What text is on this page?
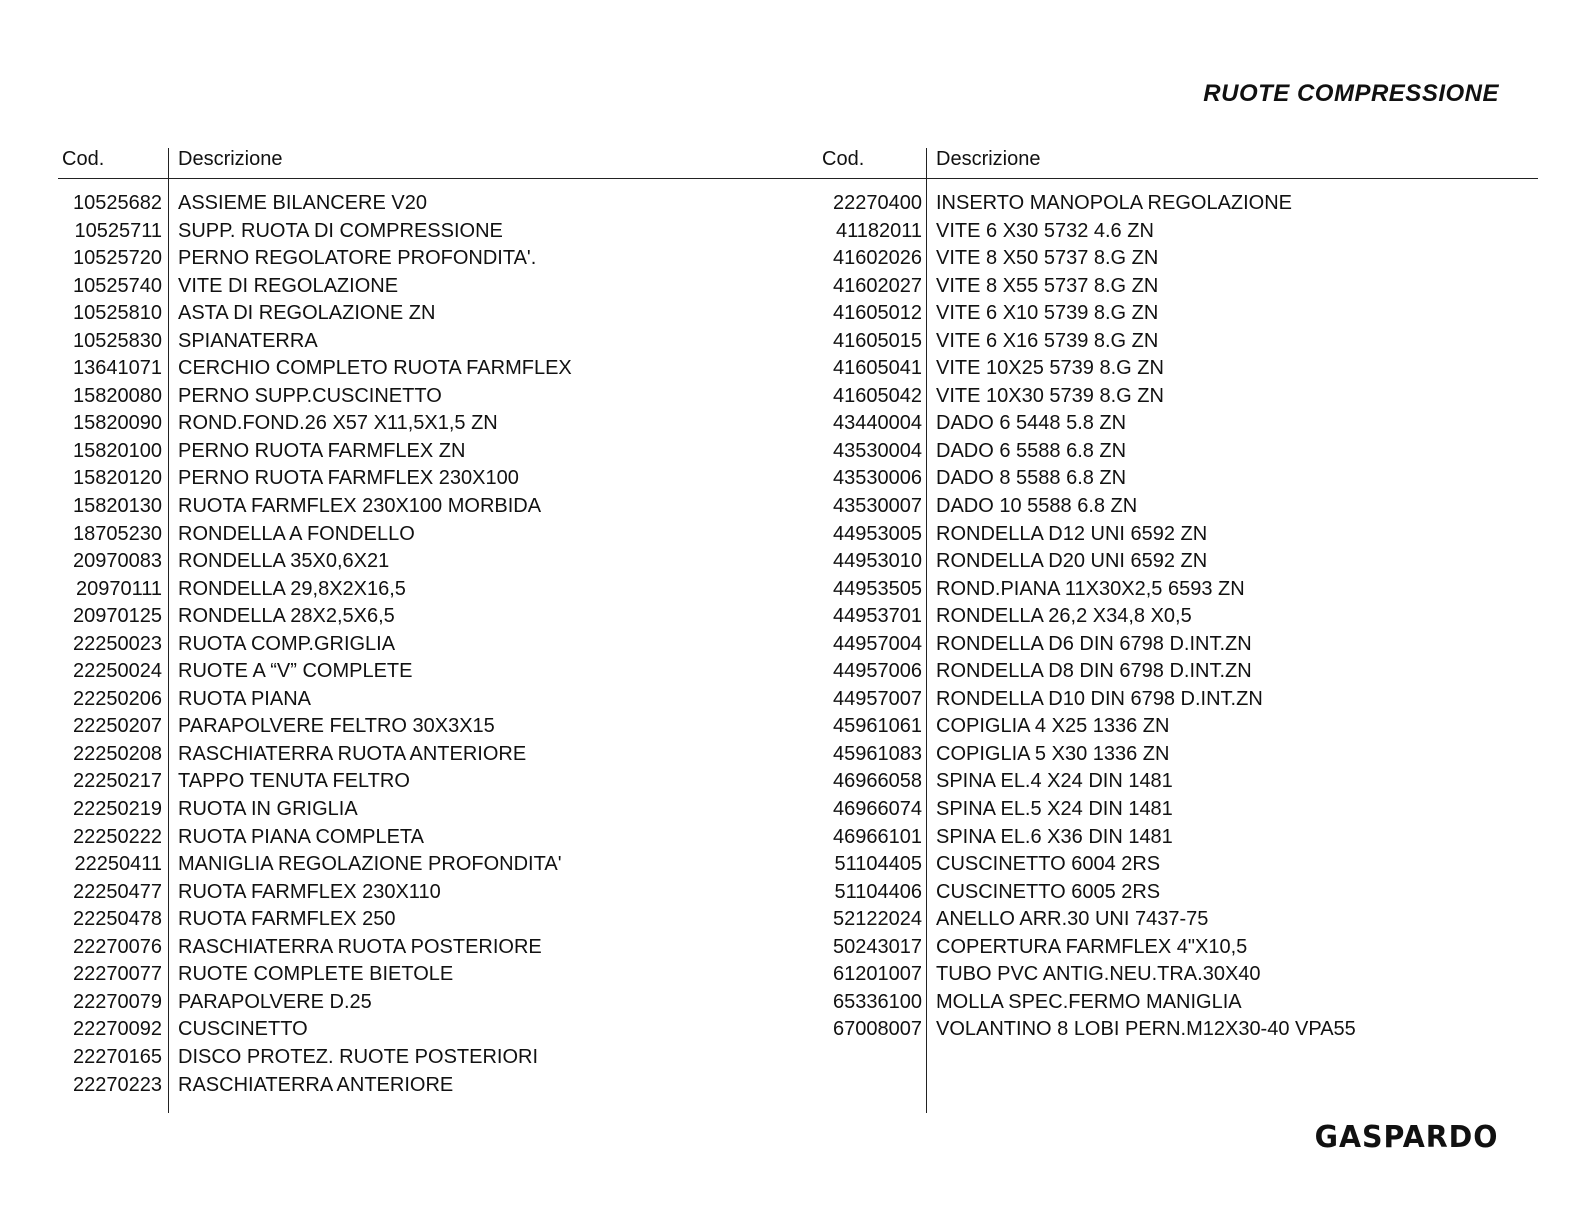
RUOTE COMPRESSIONE
Cod.	Descrizione
10525682 ASSIEME BILANCERE V20
10525711 SUPP. RUOTA DI COMPRESSIONE
10525720 PERNO REGOLATORE PROFONDITA'.
10525740 VITE DI REGOLAZIONE
10525810 ASTA DI REGOLAZIONE ZN
10525830 SPIANATERRA
13641071 CERCHIO COMPLETO RUOTA FARMFLEX
15820080 PERNO SUPP.CUSCINETTO
15820090 ROND.FOND.26 X57 X11,5X1,5 ZN
15820100 PERNO RUOTA FARMFLEX ZN
15820120 PERNO RUOTA FARMFLEX 230X100
15820130 RUOTA FARMFLEX 230X100 MORBIDA
18705230 RONDELLA A FONDELLO
20970083 RONDELLA 35X0,6X21
20970111 RONDELLA 29,8X2X16,5
20970125 RONDELLA 28X2,5X6,5
22250023 RUOTA COMP.GRIGLIA
22250024 RUOTE A “V” COMPLETE
22250206 RUOTA PIANA
22250207 PARAPOLVERE FELTRO 30X3X15
22250208 RASCHIATERRA RUOTA ANTERIORE
22250217 TAPPO TENUTA FELTRO
22250219 RUOTA IN GRIGLIA
22250222 RUOTA PIANA COMPLETA
22250411 MANIGLIA REGOLAZIONE PROFONDITA'
22250477 RUOTA FARMFLEX 230X110
22250478 RUOTA FARMFLEX 250
22270076 RASCHIATERRA RUOTA POSTERIORE
22270077 RUOTE COMPLETE BIETOLE
22270079 PARAPOLVERE D.25
22270092 CUSCINETTO
22270165 DISCO PROTEZ. RUOTE POSTERIORI
22270223 RASCHIATERRA ANTERIORE
Cod.	Descrizione
22270400 INSERTO MANOPOLA REGOLAZIONE
41182011 VITE 6 X30 5732 4.6 ZN
41602026 VITE 8 X50 5737 8.G ZN
41602027 VITE 8 X55 5737 8.G ZN
41605012 VITE 6 X10 5739 8.G ZN
41605015 VITE 6 X16 5739 8.G ZN
41605041 VITE 10X25 5739 8.G ZN
41605042 VITE 10X30 5739 8.G ZN
43440004 DADO 6 5448 5.8 ZN
43530004 DADO 6 5588 6.8 ZN
43530006 DADO 8 5588 6.8 ZN
43530007 DADO 10 5588 6.8 ZN
44953005 RONDELLA D12 UNI 6592 ZN
44953010 RONDELLA D20 UNI 6592 ZN
44953505 ROND.PIANA 11X30X2,5 6593 ZN
44953701 RONDELLA 26,2 X34,8 X0,5
44957004 RONDELLA D6 DIN 6798 D.INT.ZN
44957006 RONDELLA D8 DIN 6798 D.INT.ZN
44957007 RONDELLA D10 DIN 6798 D.INT.ZN
45961061 COPIGLIA 4 X25 1336 ZN
45961083 COPIGLIA 5 X30 1336 ZN
46966058 SPINA EL.4 X24 DIN 1481
46966074 SPINA EL.5 X24 DIN 1481
46966101 SPINA EL.6 X36 DIN 1481
51104405 CUSCINETTO 6004 2RS
51104406 CUSCINETTO 6005 2RS
52122024 ANELLO ARR.30 UNI 7437-75
50243017 COPERTURA FARMFLEX 4"X10,5
61201007 TUBO PVC ANTIG.NEU.TRA.30X40
65336100 MOLLA SPEC.FERMO MANIGLIA
67008007 VOLANTINO 8 LOBI PERN.M12X30-40 VPA55
GASPARDO
